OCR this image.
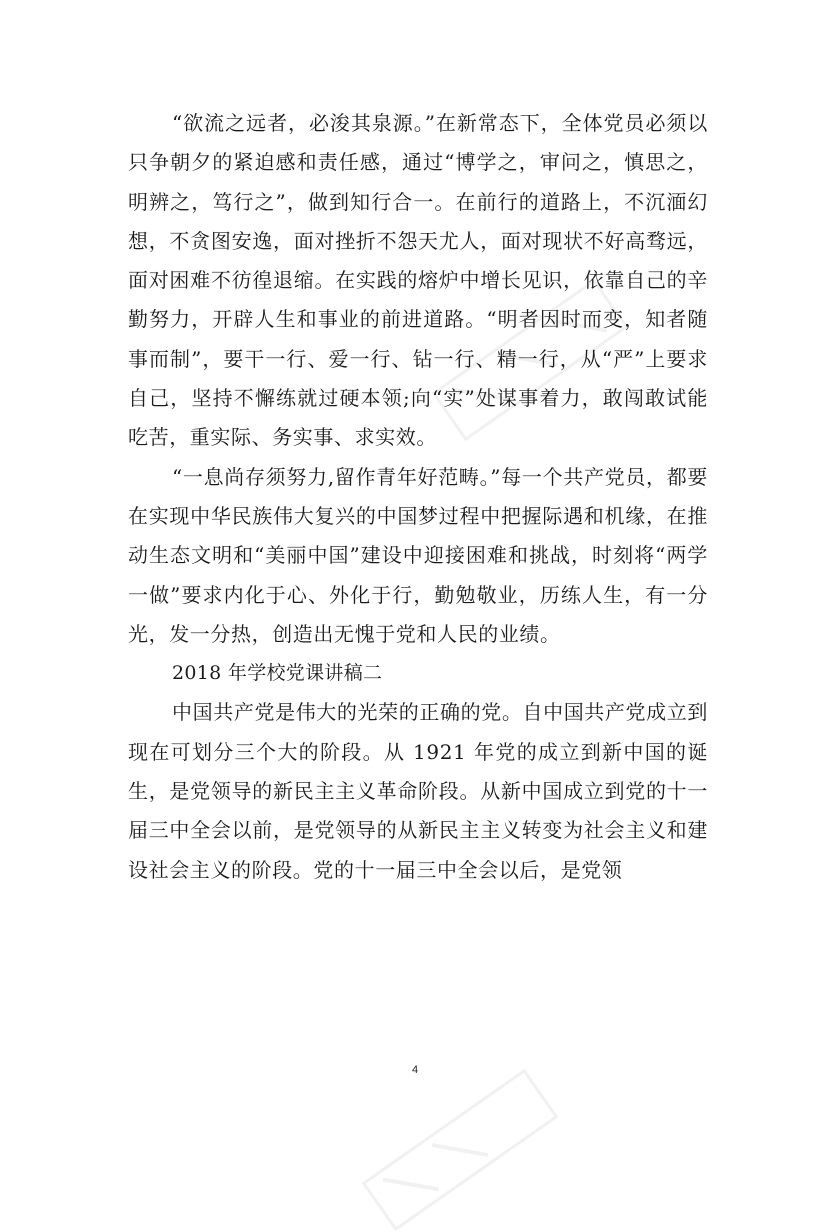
“欲流之远者，必浚其泉源。”在新常态下，全体党员必须以只争朝夕的紧迫感和责任感，通过“博学之，审问之，慎思之，明辨之，笃行之”，做到知行合一。在前行的道路上，不沉湎幻想，不贪图安逸，面对挫折不怨天尤人，面对现状不好高骛远，面对困难不彷徨退缩。在实践的熔炉中增长见识，依靠自己的辛勤努力，开辟人生和事业的前进道路。“明者因时而变，知者随事而制”，要干一行、爱一行、钻一行、精一行，从“严”上要求自己，坚持不懈练就过硬本领;向“实”处谋事着力，敢闯敢试能吃苦，重实际、务实事、求实效。

“一息尚存须努力,留作青年好范畴。”每一个共产党员，都要在实现中华民族伟大复兴的中国梦过程中把握际遇和机缘，在推动生态文明和“美丽中国”建设中迎接困难和挑战，时刻将“两学一做”要求内化于心、外化于行，勤勉敬业，历练人生，有一分光，发一分热，创造出无愧于党和人民的业绩。

2018 年学校党课讲稿二

中国共产党是伟大的光荣的正确的党。自中国共产党成立到现在可划分三个大的阶段。从 1921 年党的成立到新中国的诞生，是党领导的新民主主义革命阶段。从新中国成立到党的十一届三中全会以前，是党领导的从新民主主义转变为社会主义和建设社会主义的阶段。党的十一届三中全会以后，是党领

4
